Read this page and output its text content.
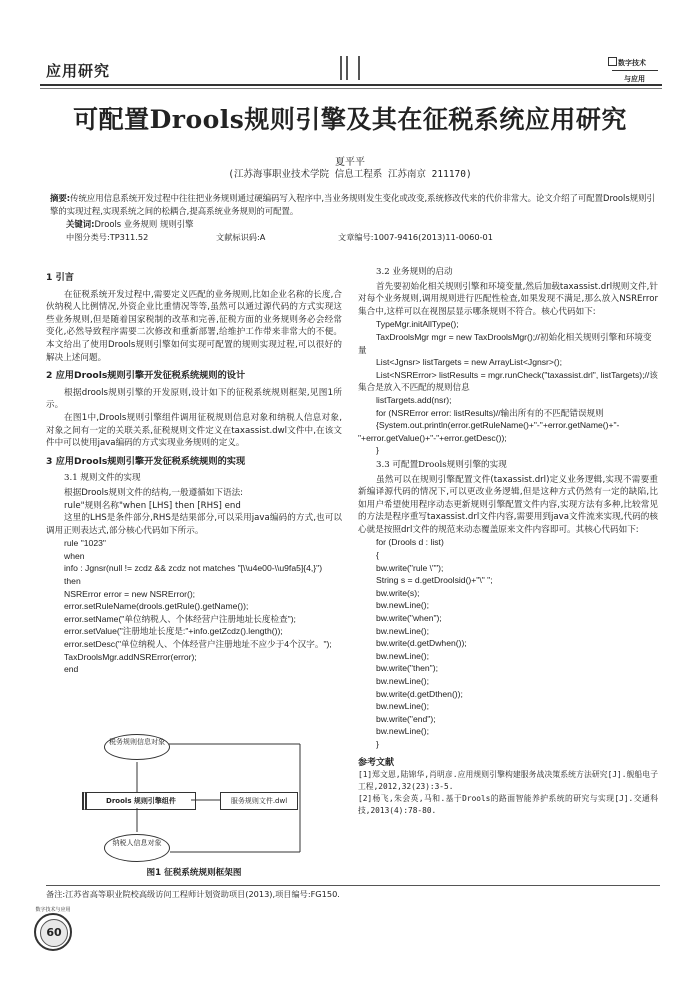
应用研究	数字技术
与应用
可配置Drools规则引擎及其在征税系统应用研究
夏平平
(江苏海事职业技术学院 信息工程系 江苏南京 211170)
摘要:传统应用信息系统开发过程中往往把业务规则通过硬编码写入程序中,当业务规则发生变化或改变,系统修改代来的代价非常大。论文介绍了可配置Drools规则引擎的实现过程,实现系统之间的松耦合,提高系统业务规则的可配置。
关键词:Drools 业务规则 规则引擎
中图分类号:TP311.52	文献标识码:A	文章编号:1007-9416(2013)11-0060-01
1 引言

在征税系统开发过程中,需要定义匹配的业务规则,比如企业名称的长度,合伙纳税人比例情况,外资企业比重情况等等,虽然可以通过源代码的方式实现这些业务规则,但是随着国家税制的改革和完善,征税方面的业务规则务必会经常变化,必然导致程序需要二次修改和重新部署,给维护工作带来非常大的不便。本文给出了使用Drools规则引擎如何实现可配置的规则实现过程,可以很好的解决上述问题。

2 应用Drools规则引擎开发征税系统规则的设计

根据drools规则引擎的开发原则,设计如下的征税系统规则框架,见图1所示。

在图1中,Drools规则引擎组件调用征税规则信息对象和纳税人信息对象,对象之间有一定的关联关系,征税规则文件定义在taxassist.dwl文件中,在该文件中可以使用java编码的方式实现业务规则的定义。

3 应用Drools规则引擎开发征税系统规则的实现
3.1 规则文件的实现

根据Drools规则文件的结构,一般遵循如下语法:

rule"规则名称"when [LHS] then [RHS] end

这里的LHS是条件部分,RHS是结果部分,可以采用java编码的方式,也可以调用正则表达式,部分核心代码如下所示。

rule "1023"
when
info : Jgnsr(null != zcdz && zcdz not matches "[\\u4e00-\\u9fa5]{4,}")
then
NSRError error = new NSRError();
error.setRuleName(drools.getRule().getName());
error.setName("单位纳税人、个体经营户注册地址长度检查");
error.setValue("注册地址长度是:"+info.getZcdz().length());
error.setDesc("单位纳税人、个体经营户注册地址不应少于4个汉字。");
TaxDroolsMgr.addNSRError(error);
end
税务规则信息对象
Drools 规则引擎组件	服务规则文件.dwl
纳税人信息对象
图1 征税系统规则框架图
3.2 业务规则的启动

首先要初始化相关规则引擎和环境变量,然后加载taxassist.drl规则文件,针对每个业务规则,调用规则进行匹配性检查,如果发现不满足,那么放入NSRError集合中,这样可以在视图层显示哪条规则不符合。核心代码如下:

TypeMgr.initAllType();
TaxDroolsMgr mgr = new TaxDroolsMgr();//初始化相关规则引擎和环境变量
List<Jgnsr> listTargets = new ArrayList<Jgnsr>();
List<NSRError> listResults = mgr.runCheck("taxassist.drl", listTargets);//该集合是放入不匹配的规则信息
listTargets.add(nsr);
for (NSRError error: listResults)//输出所有的不匹配错误规则
{System.out.println(error.getRuleName()+"-"+error.getName()+"-"+error.getValue()+"-"+error.getDesc());
}
3.3 可配置Drools规则引擎的实现

虽然可以在规则引擎配置文件(taxassist.drl)定义业务逻辑,实现不需要重新编译源代码的情况下,可以更改业务逻辑,但是这种方式仍然有一定的缺陷,比如用户希望使用程序动态更新规则引擎配置文件内容,实现方法有多种,比较常见的方法是程序重写taxassist.drl文件内容,需要用到java文件流来实现,代码的核心就是按照drl文件的规范来动态覆盖原来文件内容即可。其核心代码如下:

for (Drools d : list)
{
bw.write("rule \"");
String s = d.getDroolsid()+"\" ";
bw.write(s);
bw.newLine();
bw.write("when");
bw.newLine();
bw.write(d.getDwhen());
bw.newLine();
bw.write("then");
bw.newLine();
bw.write(d.getDthen());
bw.newLine();
bw.write("end");
bw.newLine();
}
参考文献

[1]郑文恩,陆锦华,肖明彦.应用规则引擎构建服务战决策系统方法研究[J].舰船电子工程,2012,32(23):3-5.

[2]杨飞,朱会英,马和.基于Drools的路面智能养护系统的研究与实现[J].交通科技,2013(4):78-80.

备注:江苏省高等职业院校高级访问工程师计划资助项目(2013),项目编号:FG150.
数字技术与应用
60
